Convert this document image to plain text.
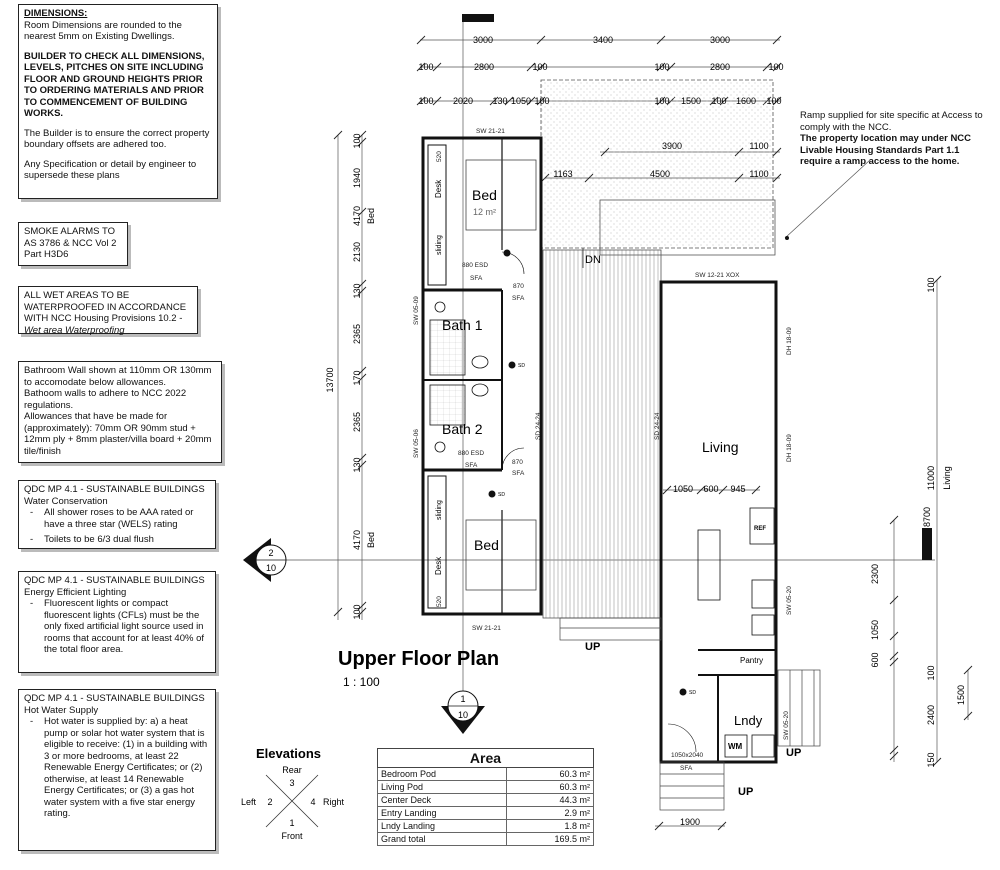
DIMENSIONS:

Room Dimensions are rounded to the nearest 5mm on Existing Dwellings.

BUILDER TO CHECK ALL DIMENSIONS, LEVELS, PITCHES ON SITE INCLUDING FLOOR AND GROUND HEIGHTS PRIOR TO ORDERING MATERIALS AND PRIOR TO COMMENCEMENT OF BUILDING WORKS.

The Builder is to ensure the correct property boundary offsets are adhered too.

Any Specification or detail by engineer to supersede these plans

SMOKE ALARMS TO AS 3786 & NCC Vol 2 Part H3D6
ALL WET AREAS TO BE WATERPROOFED IN ACCORDANCE WITH NCC Housing Provisions 10.2 - Wet area Waterproofing
Bathroom Wall shown at 110mm OR 130mm to accomodate below allowances.
Bathoom walls to adhere to NCC 2022 regulations.
Allowances that have be made for (approximately): 70mm OR 90mm stud + 12mm ply + 8mm plaster/villa board + 20mm tile/finish
QDC MP 4.1 - SUSTAINABLE BUILDINGS
Water Conservation
- All shower roses to be AAA rated or have a three star (WELS) rating
- Toilets to be 6/3 dual flush
QDC MP 4.1 - SUSTAINABLE BUILDINGS
Energy Efficient Lighting
- Fluorescent lights or compact fluorescent lights (CFLs) must be the only fixed artificial light source used in rooms that account for at least 40% of the total floor area.
QDC MP 4.1 - SUSTAINABLE BUILDINGS
Hot Water Supply
- Hot water is supplied by: a) a heat pump or solar hot water system that is eligible to receive: (1) in a building with 3 or more bedrooms, at least 22 Renewable Energy Certificates; or (2) otherwise, at least 14 Renewable Energy Certificates; or (3) a gas hot water system with a five star energy rating.
Ramp supplied for site specific at Access to comply with the NCC.
The property location may under NCC Livable Housing Standards Part 1.1 require a ramp access to the home.
Bed
12 m²
Bath 1
Bath 2
Bed
Living
Lndy
Pantry
Desk
Desk
sliding
sliding
WM
REF
DN
UP
UP
UP
SW 21-21
SW 21-21
SW 12-21 XOX
SW 05-09
SW 05-06
SW 05-20
SW 05-20
SD 24-24	SD 24-24
DH 18-09
DH 18-09
880 ESD
880 ESD
SFA
SFA
SFA
SFA
SFA
870
870
520
520
1050x2040
SD
SD
SD
3000	3400	3000
100	2800	100	100	2800	100
100 2020 130 1050 100	100 1500 100 1600 100
3900	1100
1163	4500	1100
1050 600 945
1900
13700
100
1940
2130
130
2365
170
2365
130
4170
100
4170 Bed
Bed
11000 Living
8700
100
2300
1050
600
100
2400
150
1500
2
10
1
10
Upper Floor Plan
1 : 100
Elevations
Rear
3
Left 2	Right
4
1
Front
Area	
Bedroom Pod	60.3 m²
Living Pod	60.3 m²
Center Deck	44.3 m²
Entry Landing	2.9 m²
Lndy Landing	1.8 m²
Grand total	169.5 m²
